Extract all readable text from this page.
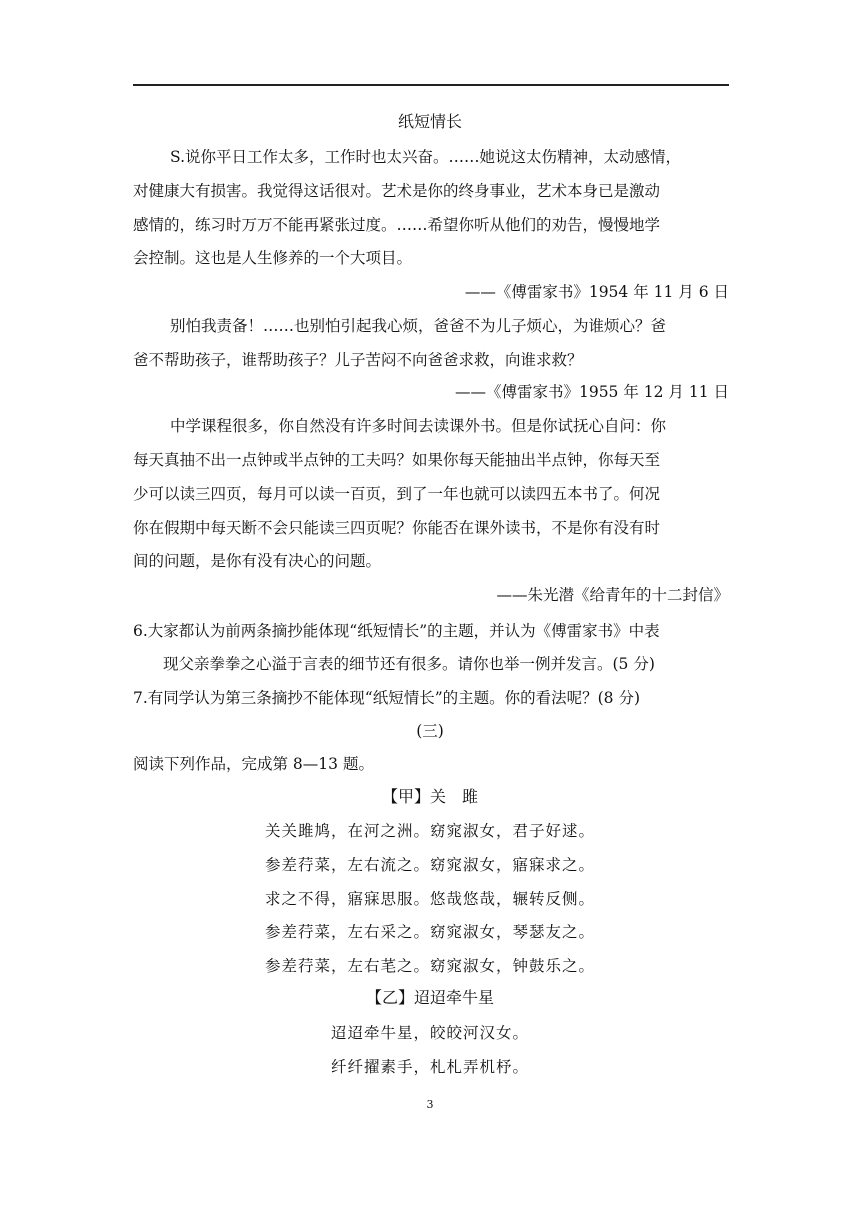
纸短情长
S.说你平日工作太多，工作时也太兴奋。……她说这太伤精神，太动感情，
对健康大有损害。我觉得这话很对。艺术是你的终身事业，艺术本身已是激动
感情的，练习时万万不能再紧张过度。……希望你听从他们的劝告，慢慢地学
会控制。这也是人生修养的一个大项目。
——《傅雷家书》1954 年 11 月 6 日
别怕我责备！……也别怕引起我心烦，爸爸不为儿子烦心，为谁烦心？爸
爸不帮助孩子，谁帮助孩子？儿子苦闷不向爸爸求救，向谁求救？
——《傅雷家书》1955 年 12 月 11 日
中学课程很多，你自然没有许多时间去读课外书。但是你试抚心自问：你
每天真抽不出一点钟或半点钟的工夫吗？如果你每天能抽出半点钟，你每天至
少可以读三四页，每月可以读一百页，到了一年也就可以读四五本书了。何况
你在假期中每天断不会只能读三四页呢？你能否在课外读书，不是你有没有时
间的问题，是你有没有决心的问题。
——朱光潜《给青年的十二封信》
6.大家都认为前两条摘抄能体现“纸短情长”的主题，并认为《傅雷家书》中表
现父亲拳拳之心溢于言表的细节还有很多。请你也举一例并发言。(5 分)
7.有同学认为第三条摘抄不能体现“纸短情长”的主题。你的看法呢？(8 分)
(三)
阅读下列作品，完成第 8—13 题。
【甲】关　雎
关关雎鸠，在河之洲。窈窕淑女，君子好逑。
参差荇菜，左右流之。窈窕淑女，寤寐求之。
求之不得，寤寐思服。悠哉悠哉，辗转反侧。
参差荇菜，左右采之。窈窕淑女，琴瑟友之。
参差荇菜，左右芼之。窈窕淑女，钟鼓乐之。
【乙】迢迢牵牛星
迢迢牵牛星，皎皎河汉女。
纤纤擢素手，札札弄机杼。
3
